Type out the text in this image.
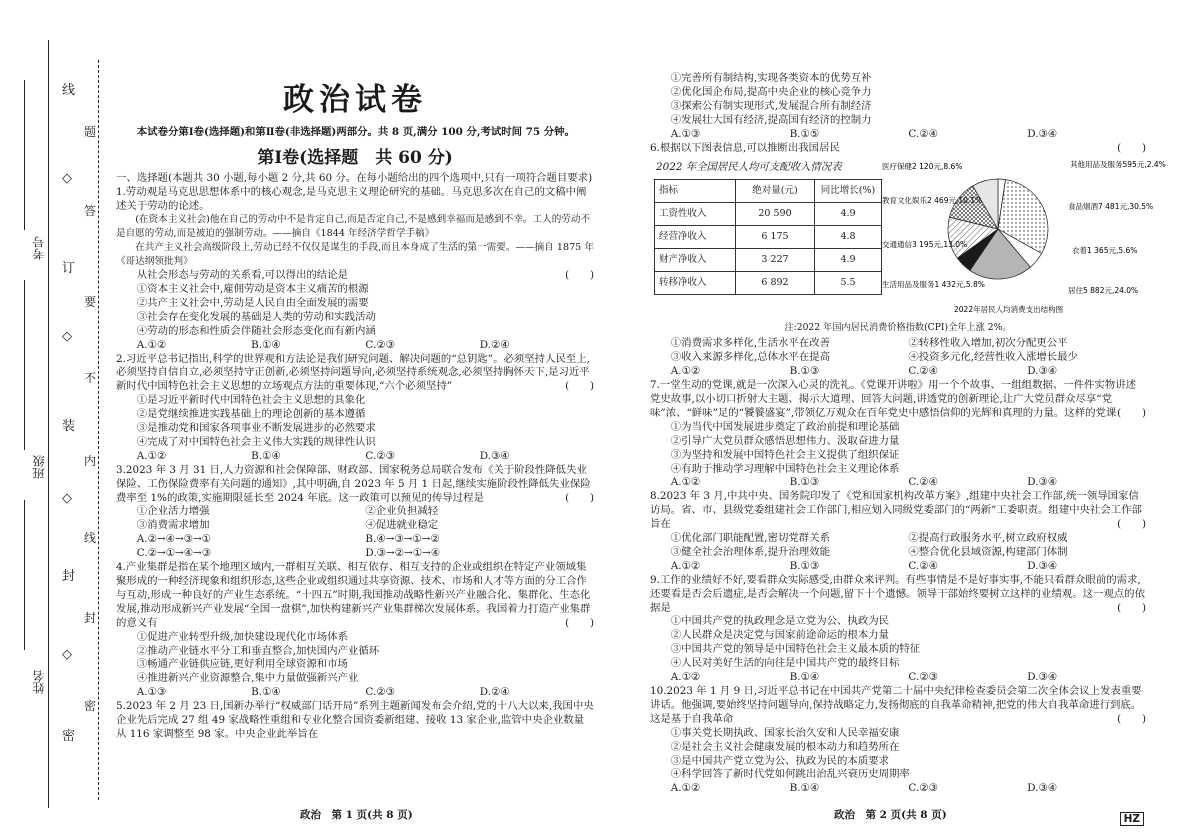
考号
班级
姓名
线
◇
订
◇
装
◇
封
◇
密
题
答
要
不
内
线
封
密
政治试卷

本试卷分第Ⅰ卷(选择题)和第Ⅱ卷(非选择题)两部分。共 8 页,满分 100 分,考试时间 75 分钟。

第Ⅰ卷(选择题　共 60 分)

一、选择题(本题共 30 小题,每小题 2 分,共 60 分。在每小题给出的四个选项中,只有一项符合题目要求)

1.劳动观是马克思思想体系中的核心观念,是马克思主义理论研究的基础。马克思多次在自己的文稿中阐述关于劳动的论述。

(在资本主义社会)他在自己的劳动中不是肯定自己,而是否定自己,不是感到幸福而是感到不幸。工人的劳动不是自愿的劳动,而是被迫的强制劳动。——摘自《1844 年经济学哲学手稿》

在共产主义社会高级阶段上,劳动已经不仅仅是谋生的手段,而且本身成了生活的第一需要。——摘自 1875 年《哥达纲领批判》

从社会形态与劳动的关系看,可以得出的结论是	(　　)

①资本主义社会中,雇佣劳动是资本主义痛苦的根源

②共产主义社会中,劳动是人民自由全面发展的需要

③社会存在变化发展的基础是人类的劳动和实践活动

④劳动的形态和性质会伴随社会形态变化而有新内涵

A.①②	B.①④	C.②③	D.②④

2.习近平总书记指出,科学的世界观和方法论是我们研究问题、解决问题的“总钥匙”。必须坚持人民至上,必须坚持自信自立,必须坚持守正创新,必须坚持问题导向,必须坚持系统观念,必须坚持胸怀天下,是习近平新时代中国特色社会主义思想的立场观点方法的重要体现,“六个必须坚持”	(　　)

①是习近平新时代中国特色社会主义思想的具象化

②是党继续推进实践基础上的理论创新的基本遵循

③是推动党和国家各项事业不断发展进步的必然要求

④完成了对中国特色社会主义伟大实践的规律性认识

A.①②	B.①④	C.②③	D.③④

3.2023 年 3 月 31 日,人力资源和社会保障部、财政部、国家税务总局联合发布《关于阶段性降低失业保险、工伤保险费率有关问题的通知》,其中明确,自 2023 年 5 月 1 日起,继续实施阶段性降低失业保险费率至 1%的政策,实施期限延长至 2024 年底。这一政策可以预见的传导过程是	(　　)

①企业活力增强	②企业负担减轻
③消费需求增加	④促进就业稳定
A.②→④→③→①	B.④→③→①→②
C.②→①→④→③	D.③→②→①→④

4.产业集群是指在某个地理区域内,一群相互关联、相互依存、相互支持的企业或组织在特定产业领域集聚形成的一种经济现象和组织形态,这些企业或组织通过共享资源、技术、市场和人才等方面的分工合作与互动,形成一种良好的产业生态系统。“十四五”时期,我国推动战略性新兴产业融合化、集群化、生态化发展,推动形成新兴产业发展“全国一盘棋”,加快构建新兴产业集群梯次发展体系。我国着力打造产业集群的意义有	(　　)

①促进产业转型升级,加快建设现代化市场体系

②推动产业链水平分工和垂直整合,加快国内产业循环

③畅通产业链供应链,更好利用全球资源和市场

④推进新兴产业资源整合,集中力量做强新兴产业

A.①③	B.①④	C.②③	D.②④

5.2023 年 2 月 23 日,国新办举行“权威部门话开局”系列主题新闻发布会介绍,党的十八大以来,我国中央企业先后完成 27 组 49 家战略性重组和专业化整合国资委新组建、接收 13 家企业,监管中央企业数量从 116 家调整至 98 家。中央企业此举旨在

政治　第 1 页(共 8 页)

①完善所有制结构,实现各类资本的优势互补

②优化国企布局,提高中央企业的核心竞争力

③探索公有制实现形式,发展混合所有制经济

④发展壮大国有经济,提高国有经济的控制力

A.①③	B.①⑤	C.②④	D.③④

6.根据以下图表信息,可以推断出我国居民	(　　)

2022 年全国居民人均可支配收入情况表
指标	绝对量(元)	同比增长(%)
工资性收入	20 590	4.9
经营净收入	6 175	4.8
财产净收入	3 227	4.9
转移净收入	6 892	5.5
其他用品及服务595元,2.4%
食品烟酒7 481元,30.5%
衣着1 365元,5.6%
居住5 882元,24.0%
生活用品及服务1 432元,5.8%
交通通信3 195元,13.0%
教育文化娱乐2 469元,10.1%
医疗保健2 120元,8.6%
2022年居民人均消费支出结构图

注:2022 年国内居民消费价格指数(CPI)全年上涨 2%。

①消费需求多样化,生活水平在改善	②转移性收入增加,初次分配更公平
③收入来源多样化,总体水平在提高	④投资多元化,经营性收入涨增长最少
A.①②	B.①③	C.②④	D.③④

7.一堂生动的党课,就是一次深入心灵的洗礼。《党课开讲啦》用一个个故事、一组组数据、一件件实物讲述党史故事,以小切口折射大主题、揭示大道理、回答大问题,讲透党的创新理论,让广大党员群众尽享“党味”浓、“鲜味”足的“饕餮盛宴”,带领亿万观众在百年党史中感悟信仰的光辉和真理的力量。这样的党课 (　　)

①为当代中国发展进步奠定了政治前提和理论基础

②引导广大党员群众感悟思想伟力、汲取奋进力量

③为坚持和发展中国特色社会主义提供了组织保证

④有助于推动学习理解中国特色社会主义理论体系

A.①②	B.①③	C.②④	D.③④

8.2023 年 3 月,中共中央、国务院印发了《党和国家机构改革方案》,组建中央社会工作部,统一领导国家信访局。省、市、县级党委组建社会工作部门,相应划入同级党委部门的“两新”工委职责。组建中央社会工作部旨在	(　　)

①优化部门职能配置,密切党群关系	②提高行政服务水平,树立政府权威
③健全社会治理体系,提升治理效能	④整合优化县域资源,构建部门体制
A.①②	B.①③	C.②④	D.③④

9.工作的业绩好不好,要看群众实际感受,由群众来评判。有些事情是不是好事实事,不能只看群众眼前的需求,还要看是否会后遗症,是否会解决一个问题,留下十个遗憾。领导干部始终要树立这样的业绩观。这一观点的依据是	(　　)

①中国共产党的执政理念是立党为公、执政为民

②人民群众是决定党与国家前途命运的根本力量

③中国共产党的领导是中国特色社会主义最本质的特征

④人民对美好生活的向往是中国共产党的最终目标

A.①②	B.①④	C.②③	D.③④

10.2023 年 1 月 9 日,习近平总书记在中国共产党第二十届中央纪律检查委员会第二次全体会议上发表重要讲话。他强调,要始终坚持问题导向,保持战略定力,发扬彻底的自我革命精神,把党的伟大自我革命进行到底。这是基于自我革命	(　　)

①事关党长期执政、国家长治久安和人民幸福安康

②是社会主义社会健康发展的根本动力和趋势所在

③是中国共产党立党为公、执政为民的本质要求

④科学回答了新时代党如何跳出治乱兴衰历史周期率

A.①②	B.①④	C.②③	D.③④
政治　第 2 页(共 8 页)	HZ
